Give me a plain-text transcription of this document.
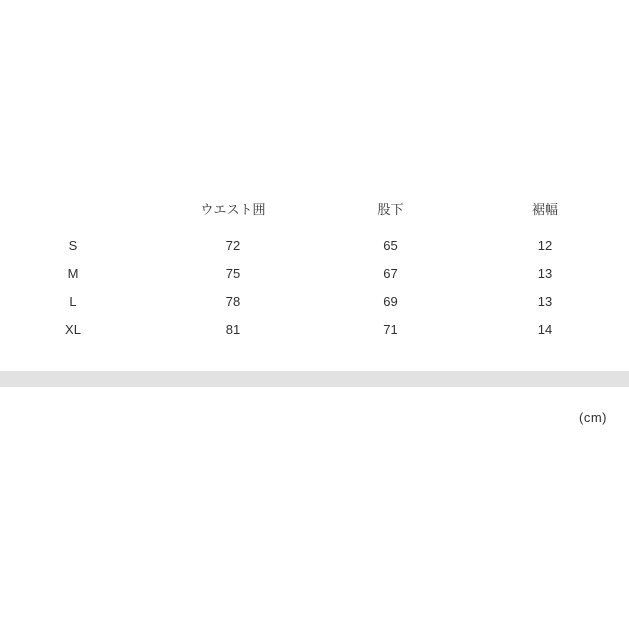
	ウエスト囲	股下	裾幅
S	72	65	12
M	75	67	13
L	78	69	13
XL	81	71	14
(cm)
